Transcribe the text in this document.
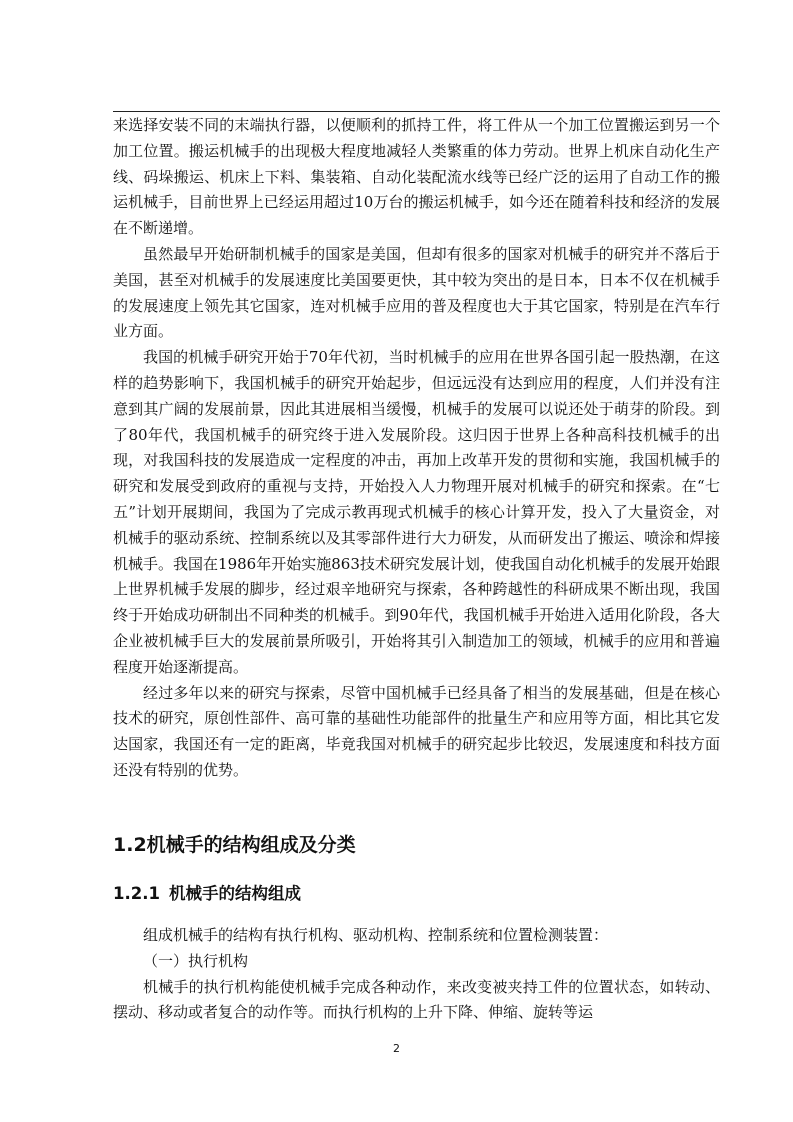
来选择安装不同的末端执行器，以便顺利的抓持工件，将工件从一个加工位置搬运到另一个加工位置。搬运机械手的出现极大程度地减轻人类繁重的体力劳动。世界上机床自动化生产线、码垛搬运、机床上下料、集装箱、自动化装配流水线等已经广泛的运用了自动工作的搬运机械手，目前世界上已经运用超过10万台的搬运机械手，如今还在随着科技和经济的发展在不断递增。

虽然最早开始研制机械手的国家是美国，但却有很多的国家对机械手的研究并不落后于美国，甚至对机械手的发展速度比美国要更快，其中较为突出的是日本，日本不仅在机械手的发展速度上领先其它国家，连对机械手应用的普及程度也大于其它国家，特别是在汽车行业方面。

我国的机械手研究开始于70年代初，当时机械手的应用在世界各国引起一股热潮，在这样的趋势影响下，我国机械手的研究开始起步，但远远没有达到应用的程度，人们并没有注意到其广阔的发展前景，因此其进展相当缓慢，机械手的发展可以说还处于萌芽的阶段。到了80年代，我国机械手的研究终于进入发展阶段。这归因于世界上各种高科技机械手的出现，对我国科技的发展造成一定程度的冲击，再加上改革开发的贯彻和实施，我国机械手的研究和发展受到政府的重视与支持，开始投入人力物理开展对机械手的研究和探索。在“七五”计划开展期间，我国为了完成示教再现式机械手的核心计算开发，投入了大量资金，对机械手的驱动系统、控制系统以及其零部件进行大力研发，从而研发出了搬运、喷涂和焊接机械手。我国在1986年开始实施863技术研究发展计划，使我国自动化机械手的发展开始跟上世界机械手发展的脚步，经过艰辛地研究与探索，各种跨越性的科研成果不断出现，我国终于开始成功研制出不同种类的机械手。到90年代，我国机械手开始进入适用化阶段，各大企业被机械手巨大的发展前景所吸引，开始将其引入制造加工的领域，机械手的应用和普遍程度开始逐渐提高。

经过多年以来的研究与探索，尽管中国机械手已经具备了相当的发展基础，但是在核心技术的研究，原创性部件、高可靠的基础性功能部件的批量生产和应用等方面，相比其它发达国家，我国还有一定的距离，毕竟我国对机械手的研究起步比较迟，发展速度和科技方面还没有特别的优势。

1.2机械手的结构组成及分类
1.2.1 机械手的结构组成

组成机械手的结构有执行机构、驱动机构、控制系统和位置检测装置：

（一）执行机构

机械手的执行机构能使机械手完成各种动作，来改变被夹持工件的位置状态，如转动、摆动、移动或者复合的动作等。而执行机构的上升下降、伸缩、旋转等运

2
